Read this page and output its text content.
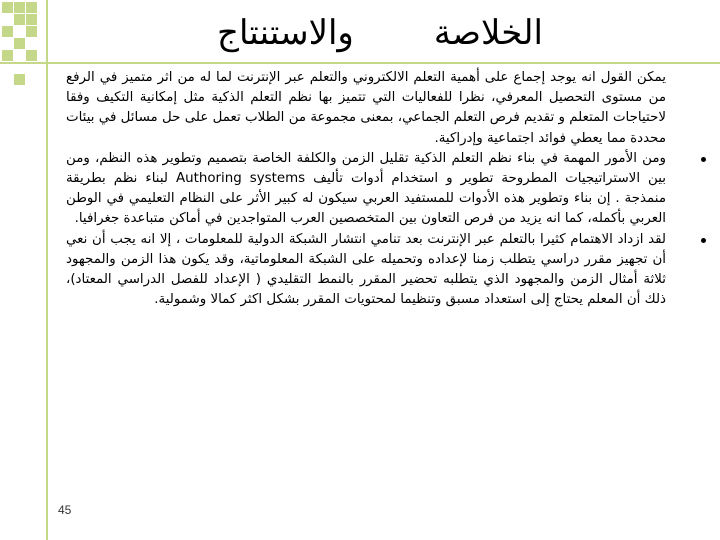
الخلاصةوالاستنتاج

يمكن القول انه يوجد إجماع على أهمية التعلم الالكتروني والتعلم عبر الإنترنت لما له من اثر متميز في الرفع من مستوى التحصيل المعرفي، نظرا للفعاليات التي تتميز بها نظم التعلم الذكية مثل إمكانية التكيف وفقا لاحتياجات المتعلم و تقديم فرص التعلم الجماعي، بمعنى مجموعة من الطلاب تعمل على حل مسائل في بيئات محددة مما يعطي فوائد اجتماعية وإدراكية.

ومن الأمور المهمة في بناء نظم التعلم الذكية تقليل الزمن والكلفة الخاصة بتصميم وتطوير هذه النظم، ومن بين الاستراتيجيات المطروحة تطوير و استخدام أدوات تأليف Authoring systems لبناء نظم بطريقة منمذجة . إن بناء وتطوير هذه الأدوات للمستفيد العربي سيكون له كبير الأثر على النظام التعليمي في الوطن العربي بأكمله، كما انه يزيد من فرص التعاون بين المتخصصين العرب المتواجدين في أماكن متباعدة جغرافيا.

لقد ازداد الاهتمام كثيرا بالتعلم عبر الإنترنت بعد تنامي انتشار الشبكة الدولية للمعلومات ، إلا انه يجب أن نعي أن تجهيز مقرر دراسي يتطلب زمنا لإعداده وتحميله على الشبكة المعلوماتية، وقد يكون هذا الزمن والمجهود ثلاثة أمثال الزمن والمجهود الذي يتطلبه تحضير المقرر بالنمط التقليدي ( الإعداد للفصل الدراسي المعتاد)، ذلك أن المعلم يحتاج إلى استعداد مسبق وتنظيما لمحتويات المقرر بشكل اكثر كمالا وشمولية.

45
